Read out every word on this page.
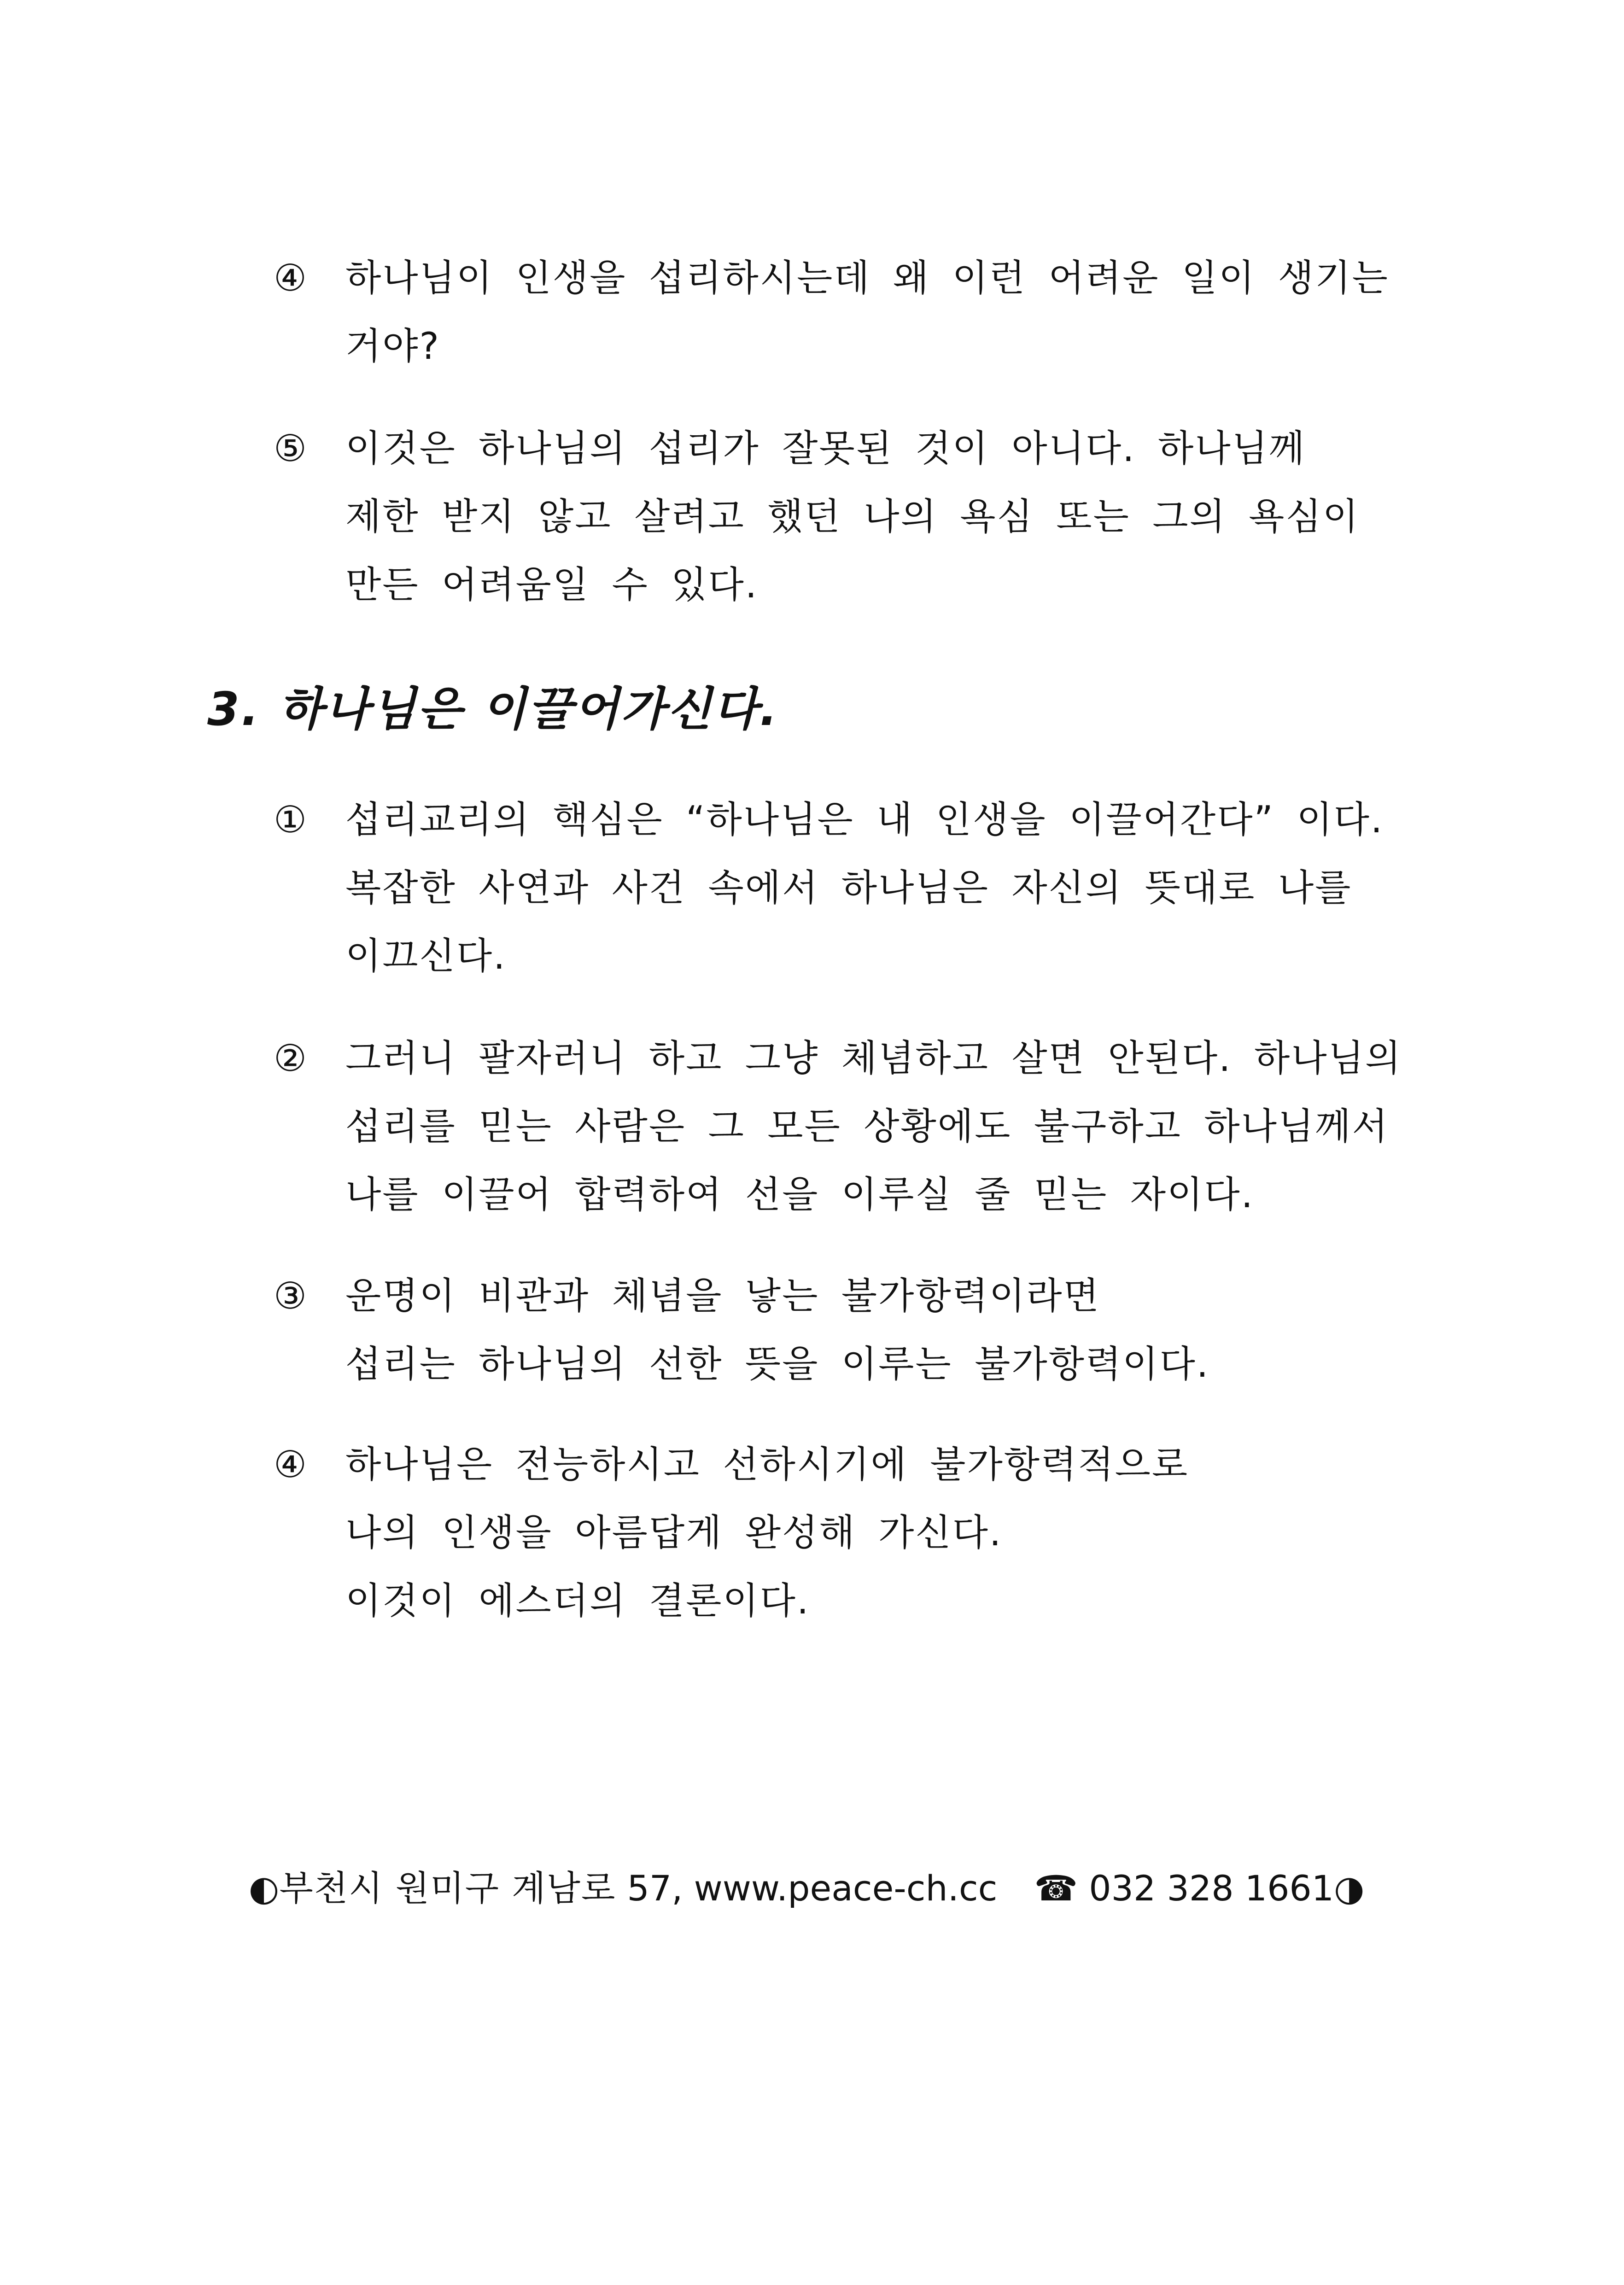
④ 하나님이 인생을 섭리하시는데 왜 이런 어려운 일이 생기는
거야?
⑤ 이것은 하나님의 섭리가 잘못된 것이 아니다. 하나님께
제한 받지 않고 살려고 했던 나의 욕심 또는 그의 욕심이
만든 어려움일 수 있다.
3. 하나님은 이끌어가신다.
① 섭리교리의 핵심은 “하나님은 내 인생을 이끌어간다” 이다.
복잡한 사연과 사건 속에서 하나님은 자신의 뜻대로 나를
이끄신다.
② 그러니 팔자러니 하고 그냥 체념하고 살면 안된다. 하나님의
섭리를 믿는 사람은 그 모든 상황에도 불구하고 하나님께서
나를 이끌어 합력하여 선을 이루실 줄 믿는 자이다.
③ 운명이 비관과 체념을 낳는 불가항력이라면
섭리는 하나님의 선한 뜻을 이루는 불가항력이다.
④ 하나님은 전능하시고 선하시기에 불가항력적으로
나의 인생을 아름답게 완성해 가신다.
이것이 에스더의 결론이다.
◐부천시 원미구 계남로 57, www.peace-ch.cc ☎ 032 328 1661◑
